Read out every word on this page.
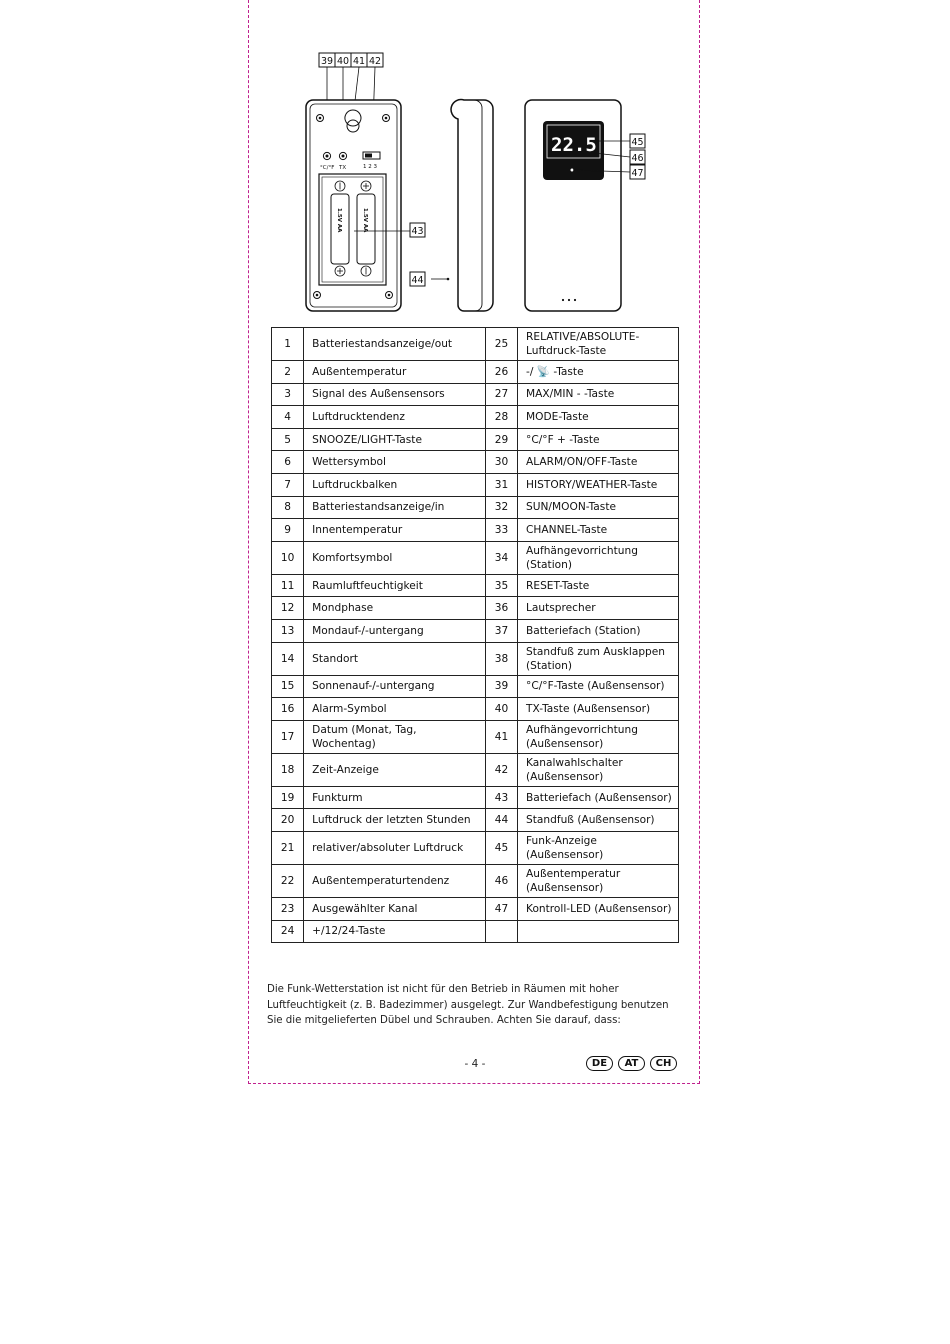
39 40 41 42
°C/°F TX	1 2 3
1.5V AA	1.5V AA
22.5
43
44
45
46
47
1	Batteriestandsanzeige/out	25	RELATIVE/ABSOLUTE-Luftdruck-Taste
2	Außentemperatur	26	-/ 📡 -Taste
3	Signal des Außensensors	27	MAX/MIN - -Taste
4	Luftdrucktendenz	28	MODE-Taste
5	SNOOZE/LIGHT-Taste	29	°C/°F + -Taste
6	Wettersymbol	30	ALARM/ON/OFF-Taste
7	Luftdruckbalken	31	HISTORY/WEATHER-Taste
8	Batteriestandsanzeige/in	32	SUN/MOON-Taste
9	Innentemperatur	33	CHANNEL-Taste
10	Komfortsymbol	34	Aufhängevorrichtung (Station)
11	Raumluftfeuchtigkeit	35	RESET-Taste
12	Mondphase	36	Lautsprecher
13	Mondauf-/-untergang	37	Batteriefach (Station)
14	Standort	38	Standfuß zum Ausklappen (Station)
15	Sonnenauf-/-untergang	39	°C/°F-Taste (Außensensor)
16	Alarm-Symbol	40	TX-Taste (Außensensor)
17	Datum (Monat, Tag, Wochentag)	41	Aufhängevorrichtung (Außensensor)
18	Zeit-Anzeige	42	Kanalwahlschalter (Außensensor)
19	Funkturm	43	Batteriefach (Außensensor)
20	Luftdruck der letzten Stunden	44	Standfuß (Außensensor)
21	relativer/absoluter Luftdruck	45	Funk-Anzeige (Außensensor)
22	Außentemperaturtendenz	46	Außentemperatur (Außensensor)
23	Ausgewählter Kanal	47	Kontroll-LED (Außensensor)
24	+/12/24-Taste		

Die Funk-Wetterstation ist nicht für den Betrieb in Räumen mit hoher Luftfeuchtigkeit (z. B. Badezimmer) ausgelegt. Zur Wandbefestigung benutzen Sie die mitgelieferten Dübel und Schrauben. Achten Sie darauf, dass:

- 4 -	DE	AT	CH
